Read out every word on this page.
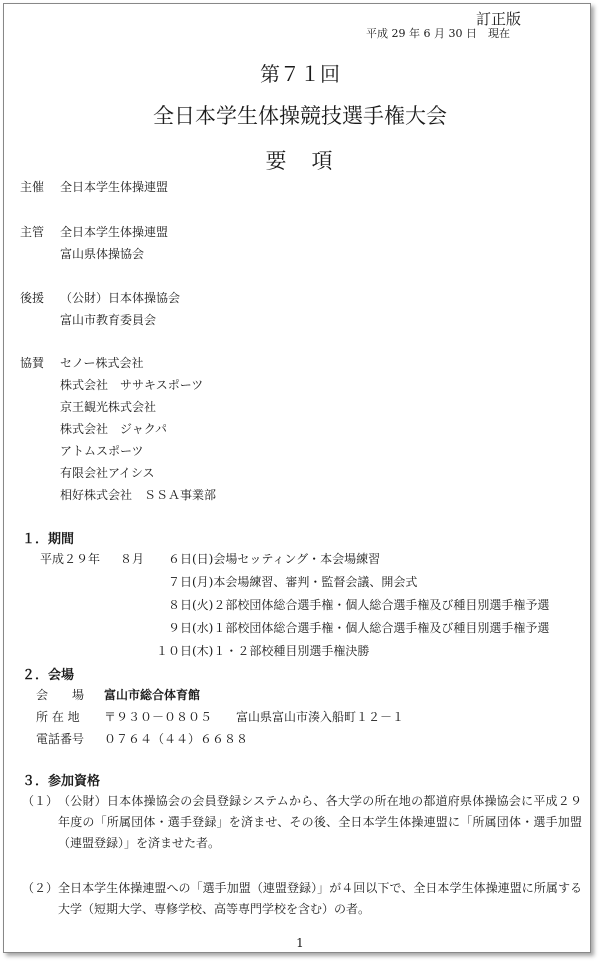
訂正版
平成 29 年 6 月 30 日　現在
第７１回
全日本学生体操競技選手権大会
要　項
主催 全日本学生体操連盟
主管 全日本学生体操連盟
富山県体操協会
後援 （公財）日本体操協会
富山市教育委員会
協賛 セノー株式会社
株式会社　ササキスポーツ
京王観光株式会社
株式会社　ジャクパ
アトムスポーツ
有限会社アイシス
相好株式会社　ＳＳＡ事業部
１．期間
平成２９年 ８月 ６日(日)会場セッティング・本会場練習
７日(月)本会場練習、審判・監督会議、開会式
８日(火)２部校団体総合選手権・個人総合選手権及び種目別選手権予選
９日(水)１部校団体総合選手権・個人総合選手権及び種目別選手権予選
１０日(木)１・２部校種目別選手権決勝
２．会場
会　　場 富山市総合体育館
所 在 地 〒９３０－０８０５　　富山県富山市湊入船町１２－１
電話番号 ０７６４（４４）６６８８
３．参加資格
（１） （公財）日本体操協会の会員登録システムから、各大学の所在地の都道府県体操協会に平成２９年度の「所属団体・選手登録」を済ませ、その後、全日本学生体操連盟に「所属団体・選手加盟（連盟登録）」を済ませた者。
（２） 全日本学生体操連盟への「選手加盟（連盟登録）」が４回以下で、全日本学生体操連盟に所属する大学（短期大学、専修学校、高等専門学校を含む）の者。
1
